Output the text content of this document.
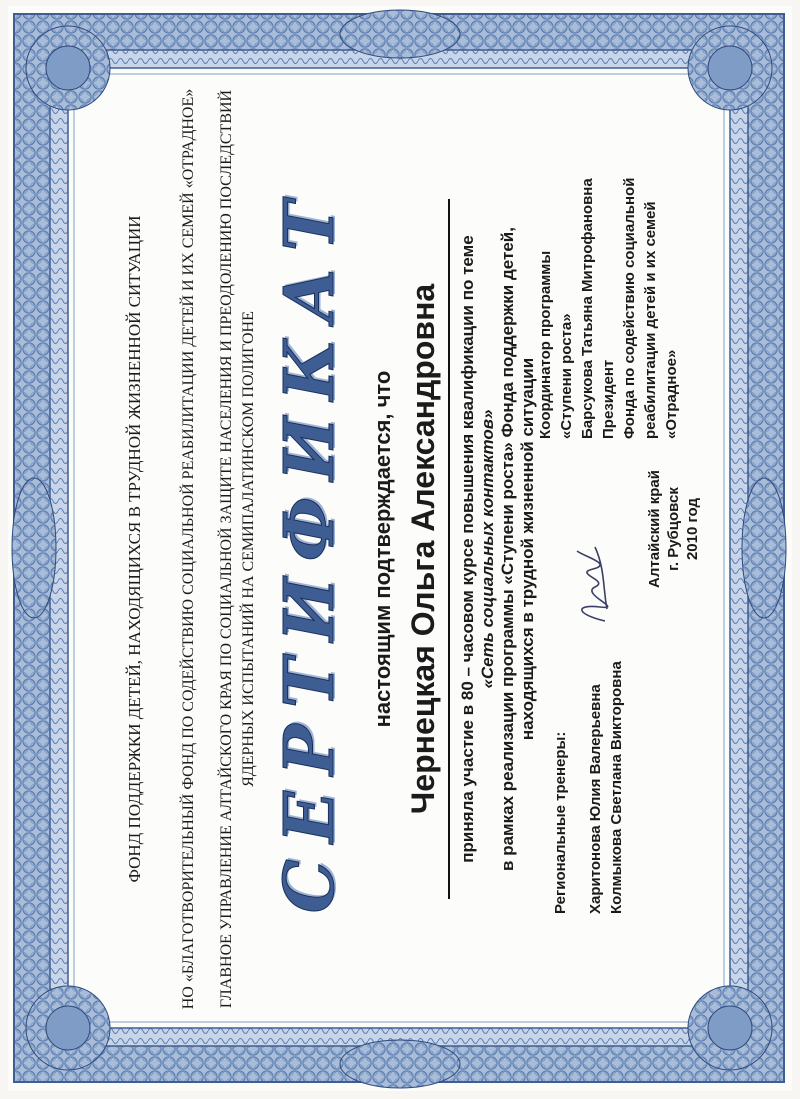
ФОНД ПОДДЕРЖКИ ДЕТЕЙ, НАХОДЯЩИХСЯ В ТРУДНОЙ ЖИЗНЕННОЙ СИТУАЦИИ НО «БЛАГОТВОРИТЕЛЬНЫЙ ФОНД ПО СОДЕЙСТВИЮ СОЦИАЛЬНОЙ РЕАБИЛИТАЦИИ ДЕТЕЙ И ИХ СЕМЕЙ «ОТРАДНОЕ» ГЛАВНОЕ УПРАВЛЕНИЕ АЛТАЙСКОГО КРАЯ ПО СОЦИАЛЬНОЙ ЗАЩИТЕ НАСЕЛЕНИЯ И ПРЕОДОЛЕНИЮ ПОСЛЕДСТВИЙ ЯДЕРНЫХ ИСПЫТАНИЙ НА СЕМИПАЛАТИНСКОМ ПОЛИГОНЕ СЕРТИФИКАТ настоящим подтверждается, что Чернецкая Ольга Александровна	приняла участие в 80 – часовом курсе повышения квалификации по теме «Сеть социальных контактов» в рамках реализации программы «Ступени роста» Фонда поддержки детей, находящихся в трудной жизненной ситуации
Региональные тренеры: Харитонова Юлия Валерьевна Колмыкова Светлана Викторовна
Алтайский край г. Рубцовск 2010 год
Координатор программы «Ступени роста» Барсукова Татьяна Митрофановна Президент Фонда по содействию социальной реабилитации детей и их семей «Отрадное»
